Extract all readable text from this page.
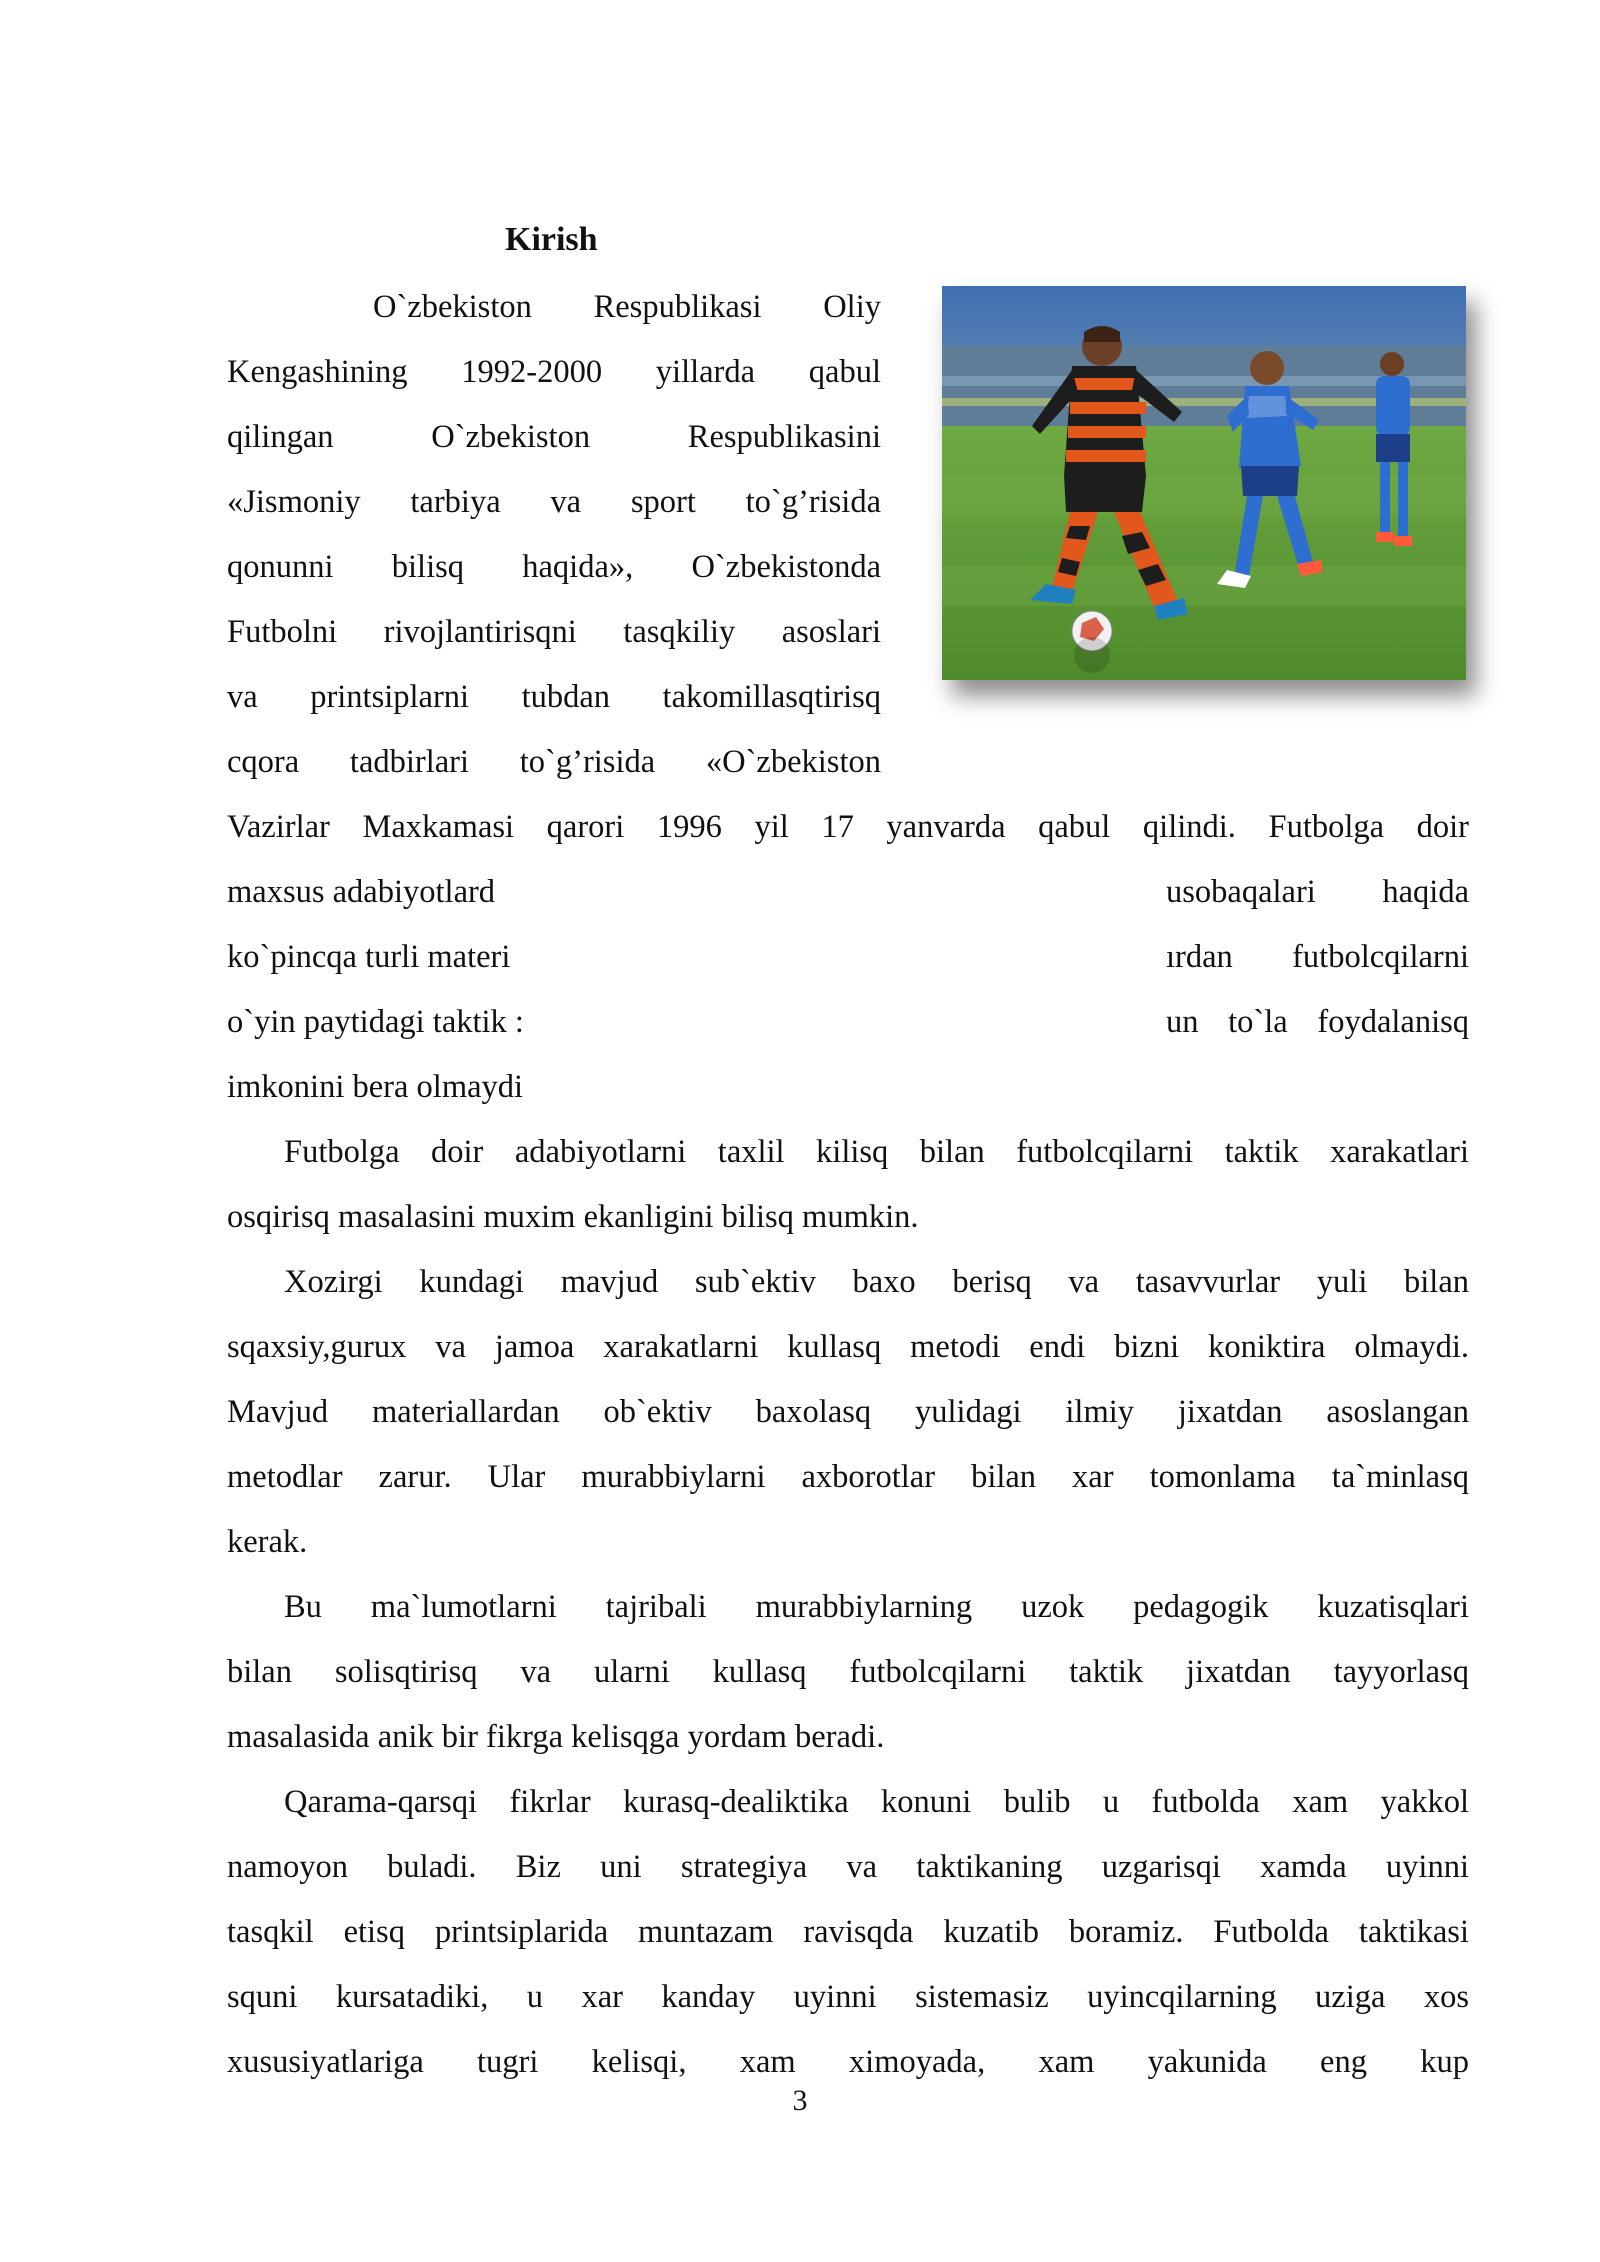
Kirish
O`zbekiston Respublikasi Oliy
Kengashining 1992-2000 yillarda qabul
qilingan O`zbekiston Respublikasini
«Jismoniy tarbiya va sport to`g’risida
qonunni bilisq haqida», O`zbekistonda
Futbolni rivojlantirisqni tasqkiliy asoslari
va printsiplarni tubdan takomillasqtirisq
cqora tadbirlari to`g’risida «O`zbekiston
Vazirlar Maxkamasi qarori 1996 yil 17 yanvarda qabul qilindi. Futbolga doir
maxsus adabiyotlard	usobaqalari haqida
ko`pincqa turli materi	ırdan futbolcqilarni
o`yin paytidagi taktik :	un to`la foydalanisq
imkonini bera olmaydi
Futbolga doir adabiyotlarni taxlil kilisq bilan futbolcqilarni taktik xarakatlari
osqirisq masalasini muxim ekanligini bilisq mumkin.
Xozirgi kundagi mavjud sub`ektiv baxo berisq va tasavvurlar yuli bilan
sqaxsiy,gurux va jamoa xarakatlarni kullasq metodi endi bizni koniktira olmaydi.
Mavjud materiallardan ob`ektiv baxolasq yulidagi ilmiy jixatdan asoslangan
metodlar zarur. Ular murabbiylarni axborotlar bilan xar tomonlama ta`minlasq
kerak.
Bu ma`lumotlarni tajribali murabbiylarning uzok pedagogik kuzatisqlari
bilan solisqtirisq va ularni kullasq futbolcqilarni taktik jixatdan tayyorlasq
masalasida anik bir fikrga kelisqga yordam beradi.
Qarama-qarsqi fikrlar kurasq-dealiktika konuni bulib u futbolda xam yakkol
namoyon buladi. Biz uni strategiya va taktikaning uzgarisqi xamda uyinni
tasqkil etisq printsiplarida muntazam ravisqda kuzatib boramiz. Futbolda taktikasi
squni kursatadiki, u xar kanday uyinni sistemasiz uyincqilarning uziga xos
xususiyatlariga tugri kelisqi, xam ximoyada, xam yakunida eng kup
3
